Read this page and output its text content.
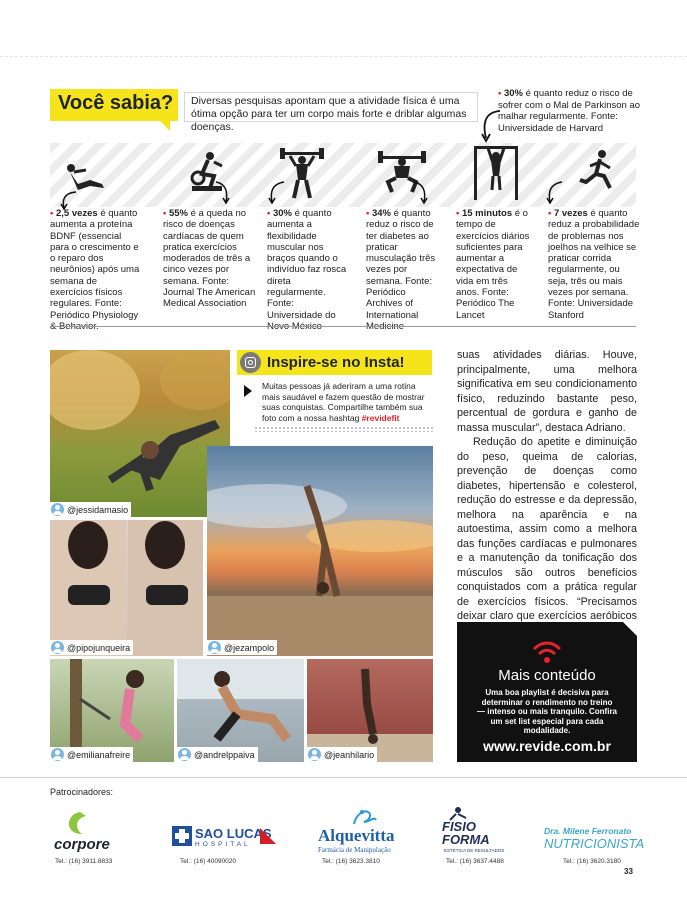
Você sabia?	Diversas pesquisas apontam que a atividade física é uma ótima opção para ter um corpo mais forte e driblar algumas doenças.
• 30% é quanto reduz o risco de sofrer com o Mal de Parkinson ao malhar regularmente. Fonte: Universidade de Harvard
• 2,5 vezes é quanto aumenta a proteína BDNF (essencial para o crescimento e o reparo dos neurônios) após uma semana de exercícios físicos regulares. Fonte: Periódico Physiology & Behavior.
• 55% é a queda no risco de doenças cardíacas de quem pratica exercícios moderados de três a cinco vezes por semana. Fonte: Journal The American Medical Association
• 30% é quanto aumenta a flexibilidade muscular nos braços quando o indivíduo faz rosca direta regularmente. Fonte: Universidade do Novo México
• 34% é quanto reduz o risco de ter diabetes ao praticar musculação três vezes por semana. Fonte: Periódico Archives of International Medicine
• 15 minutos é o tempo de exercícios diários suficientes para aumentar a expectativa de vida em três anos. Fonte: Periódico The Lancet
• 7 vezes é quanto reduz a probabilidade de problemas nos joelhos na velhice se praticar corrida regularmente, ou seja, três ou mais vezes por semana. Fonte: Universidade Stanford
@jessidamasio
@pipojunqueira	@jezampolo
@emilianafreire	@andrelppaiva	@jeanhilario
Inspire-se no Insta!
Muitas pessoas já aderiram a uma rotina mais saudável e fazem questão de mostrar suas conquistas. Compartilhe também sua foto com a nossa hashtag #revidefit

suas atividades diárias. Houve, principalmente, uma melhora significativa em seu condicionamento físico, reduzindo bastante peso, percentual de gordura e ganho de massa muscular”, destaca Adriano.

Redução do apetite e diminuição do peso, queima de calorias, prevenção de doenças como diabetes, hipertensão e colesterol, redução do estresse e da depressão, melhora na aparência e na autoestima, assim como a melhora das funções cardíacas e pulmonares e a manutenção da tonificação dos músculos são outros benefícios conquistados com a prática regular de exercícios físicos. “Precisamos deixar claro que exercícios aeróbicos

Mais conteúdo
Uma boa playlist é decisiva para determinar o rendimento no treino — intenso ou mais tranquilo. Confira um set list especial para cada modalidade.
www.revide.com.br
Patrocinadores:
corpore
Tel.: (16) 3911.8833
SAO LUCAS
HOSPITAL
Tel.: (16) 40090020
Alquevitta
Farmácia de Manipulação
Tel.: (16) 3623.3810
FISIO FORMA
ESTÉTICA DE RESULTADOS
Tel.: (16) 3637.4488
Dra. Milene Ferronato
NUTRICIONISTA
Tel.: (16) 3620.3180
33
